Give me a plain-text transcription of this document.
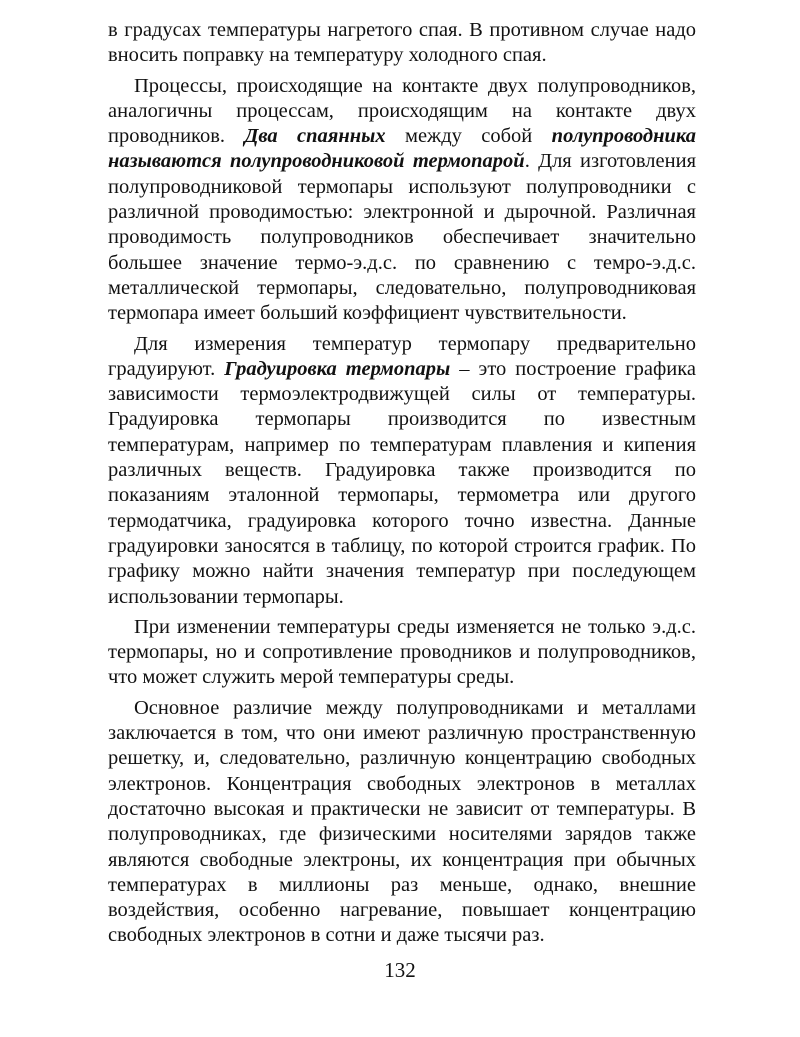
в градусах температуры нагретого спая. В противном случае надо вносить поправку на температуру холодного спая.

Процессы, происходящие на контакте двух полупроводников, аналогичны процессам, происходящим на контакте двух проводников. Два спаянных между собой полупроводника называются полупроводниковой термопарой. Для изготовления полупроводниковой термопары используют полупроводники с различной проводимостью: электронной и дырочной. Различная проводимость полупроводников обеспечивает значительно большее значение термо-э.д.с. по сравнению с темро-э.д.с. металлической термопары, следовательно, полупроводниковая термопара имеет больший коэффициент чувствительности.

Для измерения температур термопару предварительно градуируют. Градуировка термопары – это построение графика зависимости термоэлектродвижущей силы от температуры. Градуировка термопары производится по известным температурам, например по температурам плавления и кипения различных веществ. Градуировка также производится по показаниям эталонной термопары, термометра или другого термодатчика, градуировка которого точно известна. Данные градуировки заносятся в таблицу, по которой строится график. По графику можно найти значения температур при последующем использовании термопары.

При изменении температуры среды изменяется не только э.д.с. термопары, но и сопротивление проводников и полупроводников, что может служить мерой температуры среды.

Основное различие между полупроводниками и металлами заключается в том, что они имеют различную пространственную решетку, и, следовательно, различную концентрацию свободных электронов. Концентрация свободных электронов в металлах достаточно высокая и практически не зависит от температуры. В полупроводниках, где физическими носителями зарядов также являются свободные электроны, их концентрация при обычных температурах в миллионы раз меньше, однако, внешние воздействия, особенно нагревание, повышает концентрацию свободных электронов в сотни и даже тысячи раз.

132
